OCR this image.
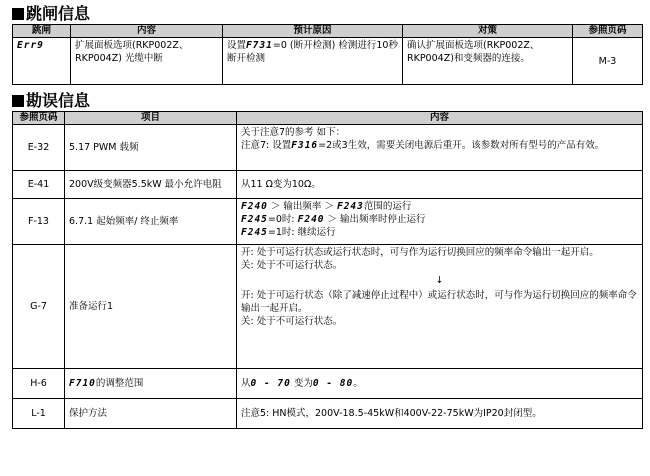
跳闸信息
跳闸	内容	预计原因	对策	参照页码
Err9	扩展面板选项(RKP002Z、RKP004Z) 光缆中断	设置F731=0 (断开检测) 检测进行10秒断开检测	确认扩展面板选项(RKP002Z、RKP004Z)和变频器的连接。	M-3
勘误信息
参照页码	项目	内容
E-32	5.17 PWM 载频	关于注意7的参考 如下：

注意7: 设置F316=2或3生效，需要关闭电源后重开。该参数对所有型号的产品有效。

E-41	200V级变频器5.5kW 最小允许电阻	从11 Ω变为10Ω。
F-13	6.7.1 起始频率/ 终止频率	F240 ＞ 输出频率 ＞ F243范围的运行

F245=0时: F240 ＞ 输出频率时停止运行

F245=1时: 继续运行

G-7	准备运行1	开: 处于可运行状态或运行状态时，可与作为运行切换回应的频率命令输出一起开启。

关: 处于不可运行状态。

↓

开: 处于可运行状态（除了减速停止过程中）或运行状态时，可与作为运行切换回应的频率命令输出一起开启。

关: 处于不可运行状态。

H-6	F710的调整范围	从0 - 70 变为0 - 80。
L-1	保护方法	注意5: HN模式，200V-18.5-45kW和400V-22-75kW为IP20封闭型。
